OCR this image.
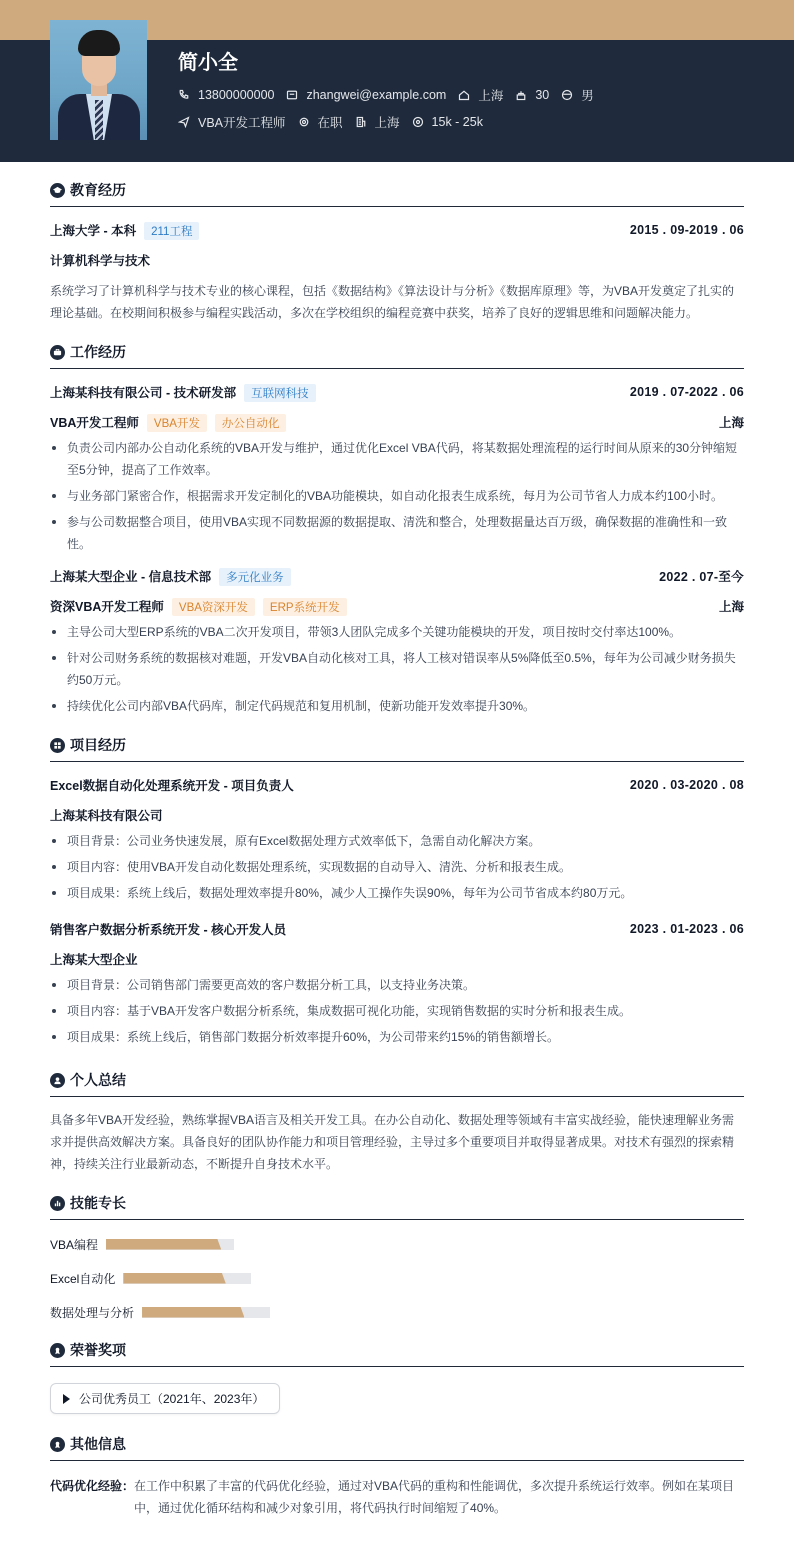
简小全
13800000000	zhangwei@example.com	上海	30	男
VBA开发工程师	在职	上海	15k - 25k
教育经历
上海大学 - 本科 211工程	2015 . 09-2019 . 06
计算机科学与技术
系统学习了计算机科学与技术专业的核心课程，包括《数据结构》《算法设计与分析》《数据库原理》等，为VBA开发奠定了扎实的理论基础。在校期间积极参与编程实践活动，多次在学校组织的编程竞赛中获奖，培养了良好的逻辑思维和问题解决能力。
工作经历
上海某科技有限公司 - 技术研发部 互联网科技	2019 . 07-2022 . 06
VBA开发工程师 VBA开发 办公自动化	上海
负责公司内部办公自动化系统的VBA开发与维护，通过优化Excel VBA代码，将某数据处理流程的运行时间从原来的30分钟缩短至5分钟，提高了工作效率。
与业务部门紧密合作，根据需求开发定制化的VBA功能模块，如自动化报表生成系统，每月为公司节省人力成本约100小时。
参与公司数据整合项目，使用VBA实现不同数据源的数据提取、清洗和整合，处理数据量达百万级，确保数据的准确性和一致性。
上海某大型企业 - 信息技术部 多元化业务	2022 . 07-至今
资深VBA开发工程师 VBA资深开发 ERP系统开发	上海
主导公司大型ERP系统的VBA二次开发项目，带领3人团队完成多个关键功能模块的开发，项目按时交付率达100%。
针对公司财务系统的数据核对难题，开发VBA自动化核对工具，将人工核对错误率从5%降低至0.5%，每年为公司减少财务损失约50万元。
持续优化公司内部VBA代码库，制定代码规范和复用机制，使新功能开发效率提升30%。
项目经历
Excel数据自动化处理系统开发 - 项目负责人	2020 . 03-2020 . 08
上海某科技有限公司
项目背景：公司业务快速发展，原有Excel数据处理方式效率低下，急需自动化解决方案。
项目内容：使用VBA开发自动化数据处理系统，实现数据的自动导入、清洗、分析和报表生成。
项目成果：系统上线后，数据处理效率提升80%，减少人工操作失误90%，每年为公司节省成本约80万元。
销售客户数据分析系统开发 - 核心开发人员	2023 . 01-2023 . 06
上海某大型企业
项目背景：公司销售部门需要更高效的客户数据分析工具，以支持业务决策。
项目内容：基于VBA开发客户数据分析系统，集成数据可视化功能，实现销售数据的实时分析和报表生成。
项目成果：系统上线后，销售部门数据分析效率提升60%，为公司带来约15%的销售额增长。
个人总结
具备多年VBA开发经验，熟练掌握VBA语言及相关开发工具。在办公自动化、数据处理等领域有丰富实战经验，能快速理解业务需求并提供高效解决方案。具备良好的团队协作能力和项目管理经验，主导过多个重要项目并取得显著成果。对技术有强烈的探索精神，持续关注行业最新动态，不断提升自身技术水平。
技能专长
VBA编程
Excel自动化
数据处理与分析
荣誉奖项
公司优秀员工（2021年、2023年）
其他信息
代码优化经验： 在工作中积累了丰富的代码优化经验，通过对VBA代码的重构和性能调优，多次提升系统运行效率。例如在某项目中，通过优化循环结构和减少对象引用，将代码执行时间缩短了40%。
